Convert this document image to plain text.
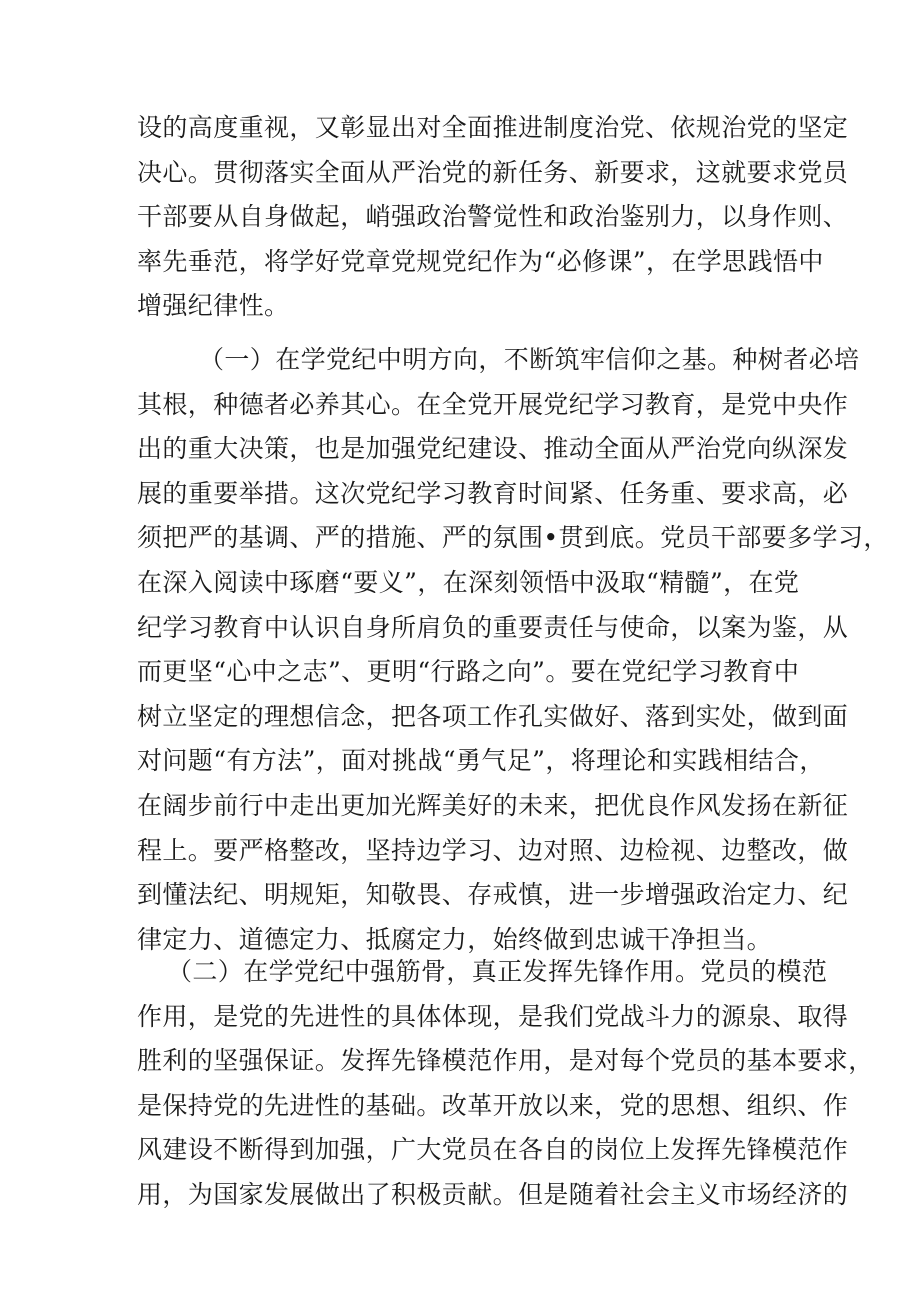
设的高度重视，又彰显出对全面推进制度治党、依规治党的坚定
决心。贯彻落实全面从严治党的新任务、新要求，这就要求党员
干部要从自身做起，峭强政治警觉性和政治鉴别力，以身作则、
率先垂范，将学好党章党规党纪作为“必修课”，在学思践悟中
增强纪律性。
（一）在学党纪中明方向，不断筑牢信仰之基。种树者必培
其根，种德者必养其心。在全党开展党纪学习教育，是党中央作
出的重大决策，也是加强党纪建设、推动全面从严治党向纵深发
展的重要举措。这次党纪学习教育时间紧、任务重、要求高，必
须把严的基调、严的措施、严的氛围•贯到底。党员干部要多学习，
在深入阅读中琢磨“要义”，在深刻领悟中汲取“精髓”，在党
纪学习教育中认识自身所肩负的重要责任与使命，以案为鉴，从
而更坚“心中之志”、更明“行路之向”。要在党纪学习教育中
树立坚定的理想信念，把各项工作孔实做好、落到实处，做到面
对问题“有方法”，面对挑战“勇气足”，将理论和实践相结合，
在阔步前行中走出更加光辉美好的未来，把优良作风发扬在新征
程上。要严格整改，坚持边学习、边对照、边检视、边整改，做
到懂法纪、明规矩，知敬畏、存戒慎，进一步增强政治定力、纪
律定力、道德定力、抵腐定力，始终做到忠诚干净担当。
（二）在学党纪中强筋骨，真正发挥先锋作用。党员的模范
作用，是党的先进性的具体体现，是我们党战斗力的源泉、取得
胜利的坚强保证。发挥先锋模范作用，是对每个党员的基本要求，
是保持党的先进性的基础。改革开放以来，党的思想、组织、作
风建设不断得到加强，广大党员在各自的岗位上发挥先锋模范作
用，为国家发展做出了积极贡献。但是随着社会主义市场经济的
